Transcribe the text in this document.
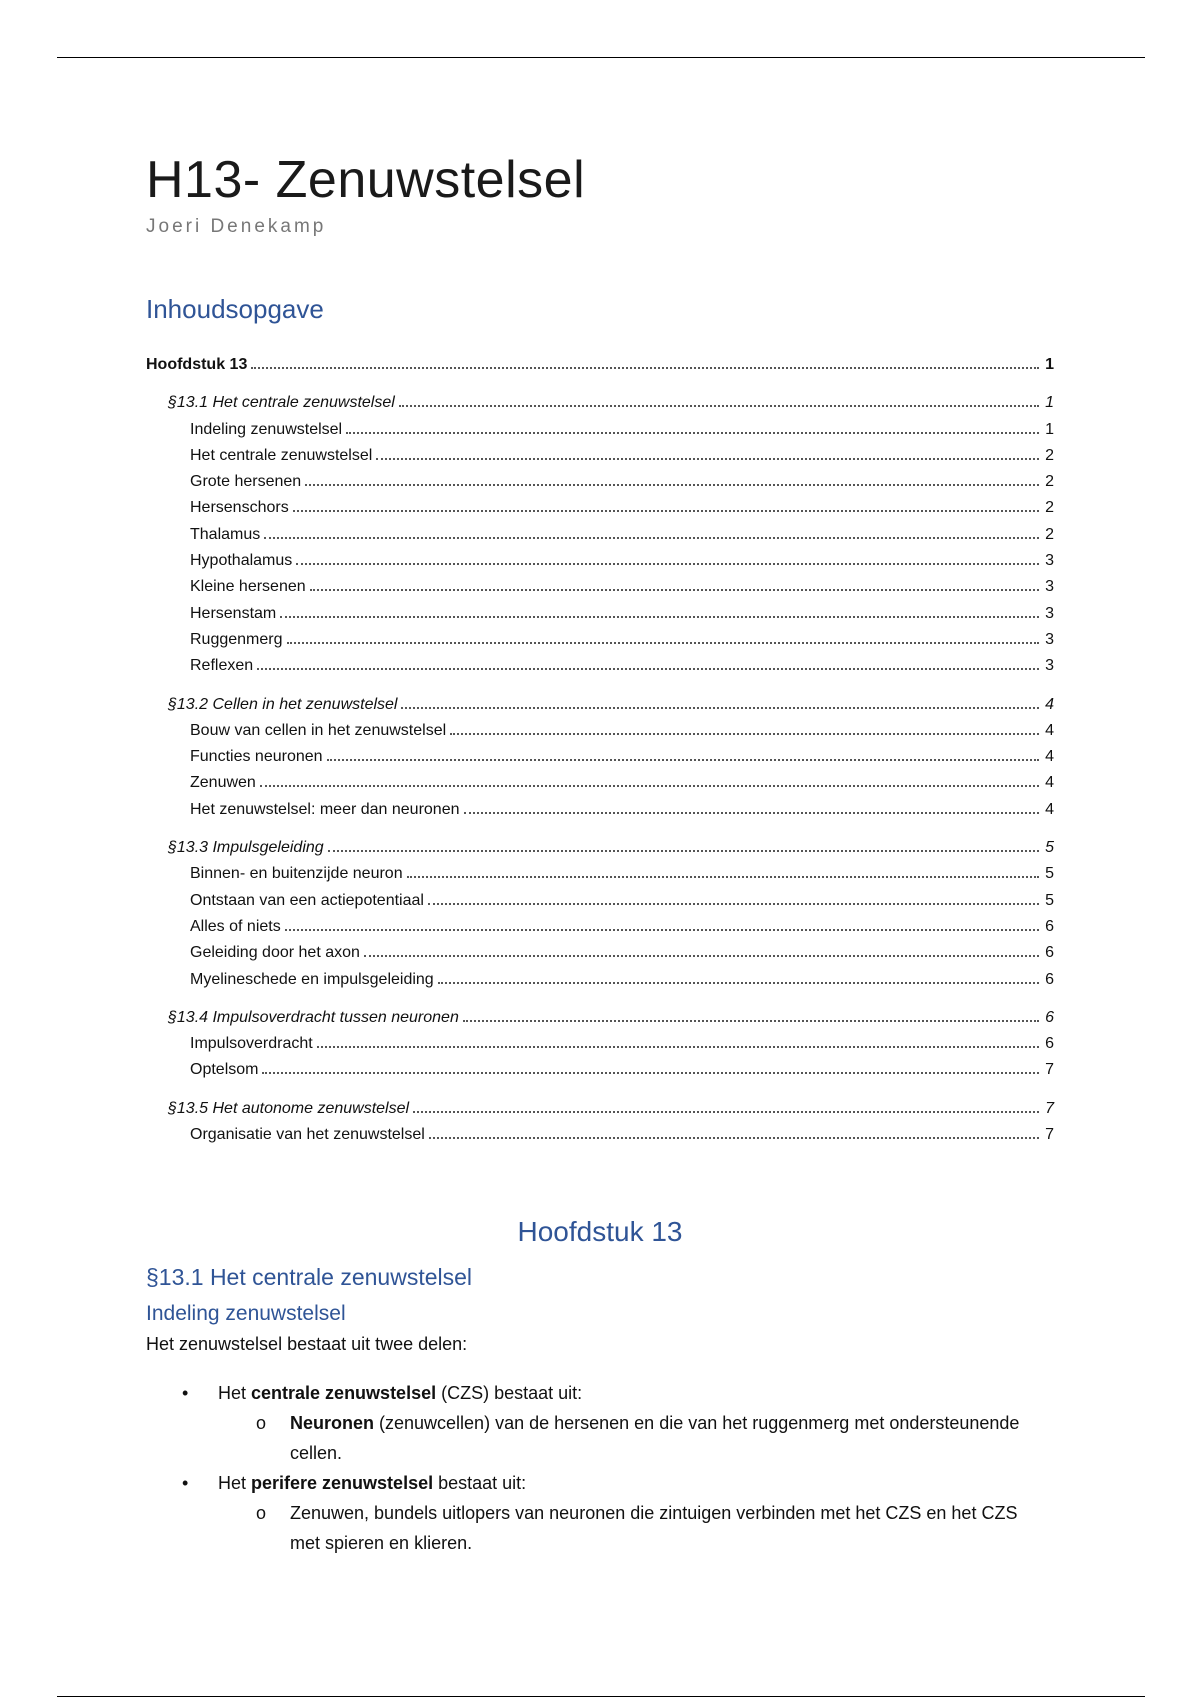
H13- Zenuwstelsel
Joeri Denekamp
Inhoudsopgave
Hoofdstuk 13	1
§13.1 Het centrale zenuwstelsel	1
Indeling zenuwstelsel	1
Het centrale zenuwstelsel	2
Grote hersenen	2
Hersenschors	2
Thalamus	2
Hypothalamus	3
Kleine hersenen	3
Hersenstam	3
Ruggenmerg	3
Reflexen	3
§13.2 Cellen in het zenuwstelsel	4
Bouw van cellen in het zenuwstelsel	4
Functies neuronen	4
Zenuwen	4
Het zenuwstelsel: meer dan neuronen	4
§13.3 Impulsgeleiding	5
Binnen- en buitenzijde neuron	5
Ontstaan van een actiepotentiaal	5
Alles of niets	6
Geleiding door het axon	6
Myelineschede en impulsgeleiding	6
§13.4 Impulsoverdracht tussen neuronen	6
Impulsoverdracht	6
Optelsom	7
§13.5 Het autonome zenuwstelsel	7
Organisatie van het zenuwstelsel	7
Hoofdstuk 13
§13.1 Het centrale zenuwstelsel
Indeling zenuwstelsel

Het zenuwstelsel bestaat uit twee delen:

• Het centrale zenuwstelsel (CZS) bestaat uit:
o Neuronen (zenuwcellen) van de hersenen en die van het ruggenmerg met ondersteunende cellen.
• Het perifere zenuwstelsel bestaat uit:
o Zenuwen, bundels uitlopers van neuronen die zintuigen verbinden met het CZS en het CZS met spieren en klieren.
